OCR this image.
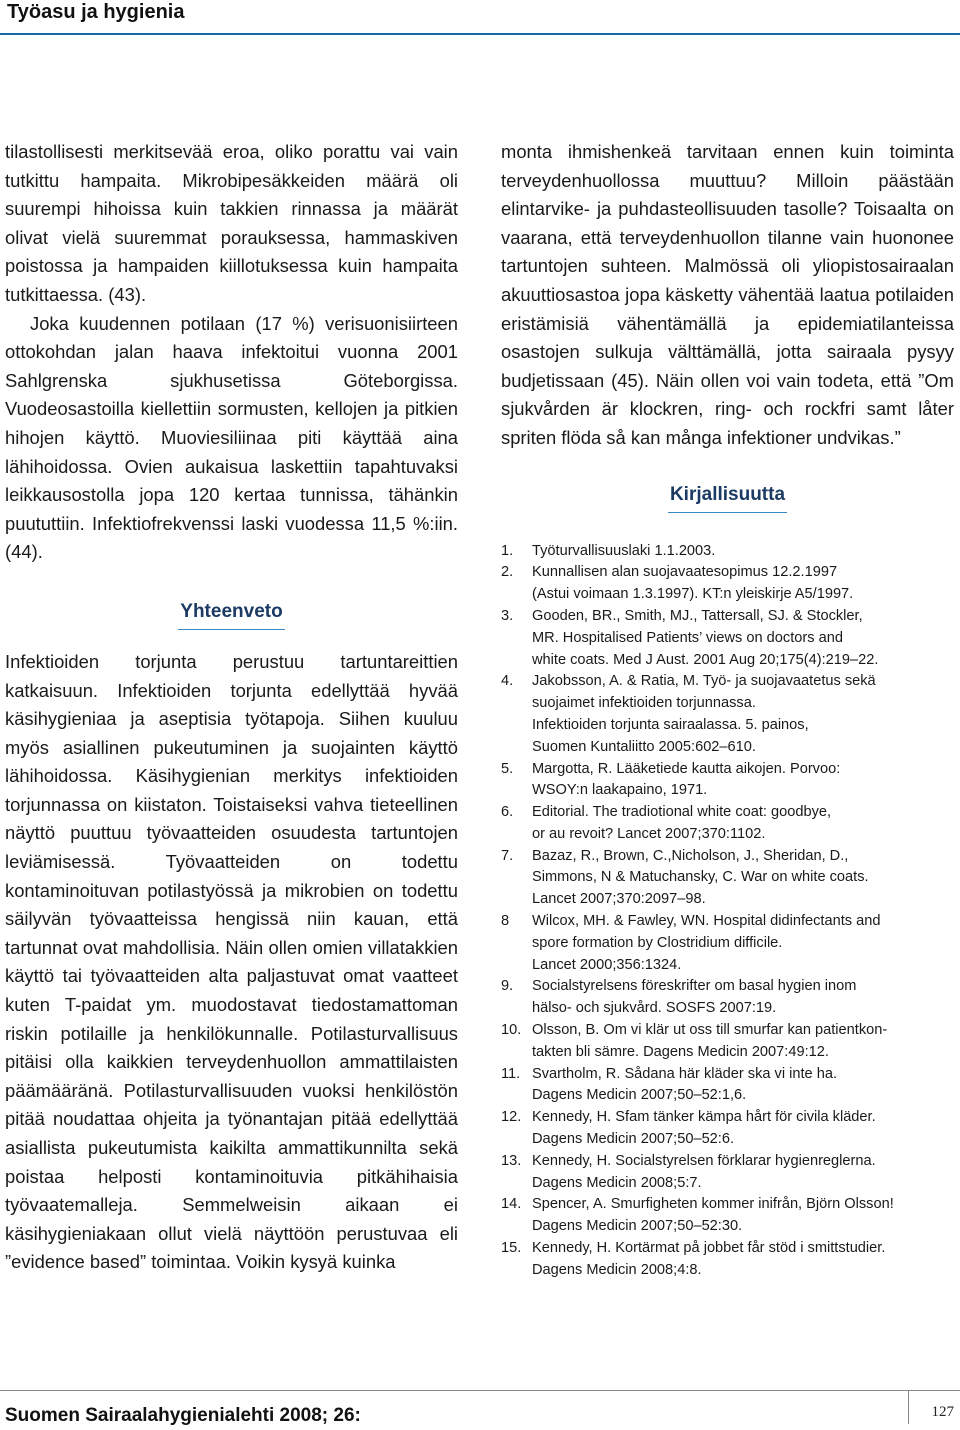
Työasu ja hygienia

tilastollisesti merkitsevää eroa, oliko porattu vai vain tutkittu hampaita. Mikrobipesäkkeiden määrä oli suurempi hihoissa kuin takkien rinnassa ja määrät olivat vielä suuremmat porauksessa, hammaskiven poistossa ja hampaiden kiillotuksessa kuin hampaita tutkittaessa. (43).

Joka kuudennen potilaan (17 %) verisuonisiirteen ottokohdan jalan haava infektoitui vuonna 2001 Sahlgrenska sjukhusetissa Göteborgissa. Vuodeosastoilla kiellettiin sormusten, kellojen ja pitkien hihojen käyttö. Muoviesiliinaa piti käyttää aina lähihoidossa. Ovien aukaisua laskettiin tapahtuvaksi leikkausostolla jopa 120 kertaa tunnissa, tähänkin puututtiin. Infektiofrekvenssi laski vuodessa 11,5 %:iin. (44).

Yhteenveto

Infektioiden torjunta perustuu tartuntareittien katkaisuun. Infektioiden torjunta edellyttää hyvää käsihygieniaa ja aseptisia työtapoja. Siihen kuuluu myös asiallinen pukeutuminen ja suojainten käyttö lähihoidossa. Käsihygienian merkitys infektioiden torjunnassa on kiistaton. Toistaiseksi vahva tieteellinen näyttö puuttuu työvaatteiden osuudesta tartuntojen leviämisessä. Työvaatteiden on todettu kontaminoituvan potilastyössä ja mikrobien on todettu säilyvän työvaatteissa hengissä niin kauan, että tartunnat ovat mahdollisia. Näin ollen omien villatakkien käyttö tai työvaatteiden alta paljastuvat omat vaatteet kuten T-paidat ym. muodostavat tiedostamattoman riskin potilaille ja henkilökunnalle. Potilasturvallisuus pitäisi olla kaikkien terveydenhuollon ammattilaisten päämääränä. Potilasturvallisuuden vuoksi henkilöstön pitää noudattaa ohjeita ja työnantajan pitää edellyttää asiallista pukeutumista kaikilta ammattikunnilta sekä poistaa helposti kontaminoituvia pitkähihaisia työvaatemalleja. Semmelweisin aikaan ei käsihygieniakaan ollut vielä näyttöön perustuvaa eli ”evidence based” toimintaa. Voikin kysyä kuinka

monta ihmishenkeä tarvitaan ennen kuin toiminta terveydenhuollossa muuttuu? Milloin päästään elintarvike- ja puhdasteollisuuden tasolle? Toisaalta on vaarana, että terveydenhuollon tilanne vain huononee tartuntojen suhteen. Malmössä oli yliopistosairaalan akuuttiosastoa jopa käsketty vähentää laatua potilaiden eristämisiä vähentämällä ja epidemiatilanteissa osastojen sulkuja välttämällä, jotta sairaala pysyy budjetissaan (45). Näin ollen voi vain todeta, että ”Om sjukvården är klockren, ring- och rockfri samt låter spriten flöda så kan många infektioner undvikas.”

Kirjallisuutta
1. Työturvallisuuslaki 1.1.2003.
2. Kunnallisen alan suojavaatesopimus 12.2.1997
(Astui voimaan 1.3.1997). KT:n yleiskirje A5/1997.
3. Gooden, BR., Smith, MJ., Tattersall, SJ. & Stockler,
MR. Hospitalised Patients’ views on doctors and
white coats. Med J Aust. 2001 Aug 20;175(4):219–22.
4. Jakobsson, A. & Ratia, M. Työ- ja suojavaatetus sekä
suojaimet infektioiden torjunnassa.
Infektioiden torjunta sairaalassa. 5. painos,
Suomen Kuntaliitto 2005:602–610.
5. Margotta, R. Lääketiede kautta aikojen. Porvoo:
WSOY:n laakapaino, 1971.
6. Editorial. The tradiotional white coat: goodbye,
or au revoit? Lancet 2007;370:1102.
7. Bazaz, R., Brown, C.,Nicholson, J., Sheridan, D.,
Simmons, N & Matuchansky, C. War on white coats.
Lancet 2007;370:2097–98.
8 Wilcox, MH. & Fawley, WN. Hospital didinfectants and
spore formation by Clostridium difficile.
Lancet 2000;356:1324.
9. Socialstyrelsens föreskrifter om basal hygien inom
hälso- och sjukvård. SOSFS 2007:19.
10. Olsson, B. Om vi klär ut oss till smurfar kan patientkon-
takten bli sämre. Dagens Medicin 2007:49:12.
11. Svartholm, R. Sådana här kläder ska vi inte ha.
Dagens Medicin 2007;50–52:1,6.
12. Kennedy, H. Sfam tänker kämpa hårt för civila kläder.
Dagens Medicin 2007;50–52:6.
13. Kennedy, H. Socialstyrelsen förklarar hygienreglerna.
Dagens Medicin 2008;5:7.
14. Spencer, A. Smurfigheten kommer inifrån, Björn Olsson!
Dagens Medicin 2007;50–52:30.
15. Kennedy, H. Kortärmat på jobbet får stöd i smittstudier.
Dagens Medicin 2008;4:8.
Suomen Sairaalahygienialehti 2008; 26:	127
